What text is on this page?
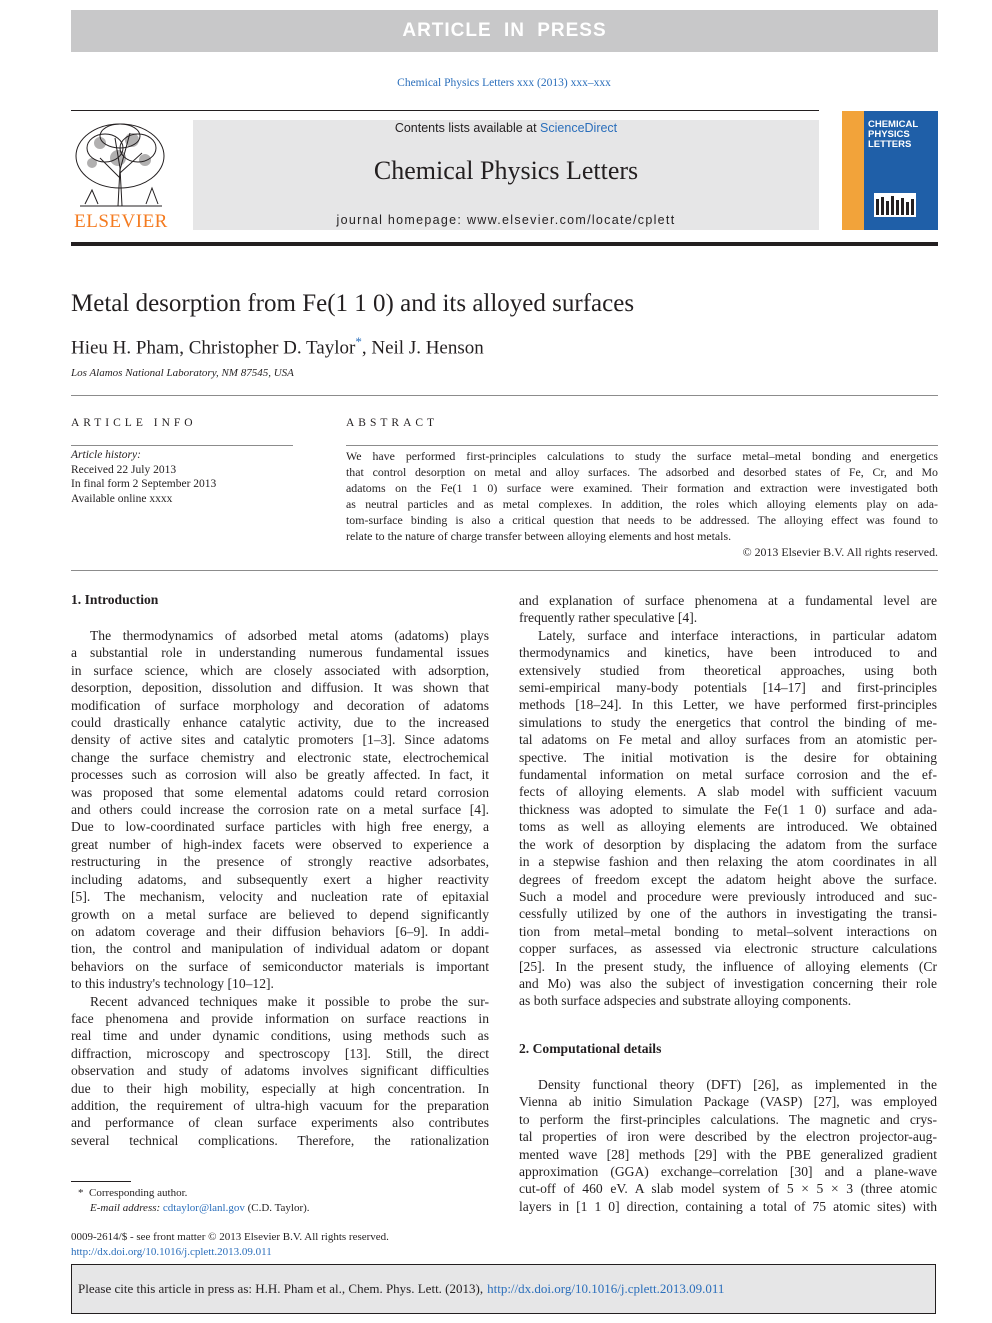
ARTICLE IN PRESS
Chemical Physics Letters xxx (2013) xxx–xxx
ELSEVIER
Contents lists available at ScienceDirect
Chemical Physics Letters
journal homepage: www.elsevier.com/locate/cplett
CHEMICAL
PHYSICS
LETTERS
Metal desorption from Fe(1 1 0) and its alloyed surfaces
Hieu H. Pham, Christopher D. Taylor*, Neil J. Henson
Los Alamos National Laboratory, NM 87545, USA
ARTICLE INFO
Article history:
Received 22 July 2013
In final form 2 September 2013
Available online xxxx
ABSTRACT
We have performed first-principles calculations to study the surface metal–metal bonding and energetics
that control desorption on metal and alloy surfaces. The adsorbed and desorbed states of Fe, Cr, and Mo
adatoms on the Fe(1 1 0) surface were examined. Their formation and extraction were investigated both
as neutral particles and as metal complexes. In addition, the roles which alloying elements play on ada-
tom-surface binding is also a critical question that needs to be addressed. The alloying effect was found to
relate to the nature of charge transfer between alloying elements and host metals.
© 2013 Elsevier B.V. All rights reserved.
1. Introduction
The thermodynamics of adsorbed metal atoms (adatoms) plays
a substantial role in understanding numerous fundamental issues
in surface science, which are closely associated with adsorption,
desorption, deposition, dissolution and diffusion. It was shown that
modification of surface morphology and decoration of adatoms
could drastically enhance catalytic activity, due to the increased
density of active sites and catalytic promoters [1–3]. Since adatoms
change the surface chemistry and electronic state, electrochemical
processes such as corrosion will also be greatly affected. In fact, it
was proposed that some elemental adatoms could retard corrosion
and others could increase the corrosion rate on a metal surface [4].
Due to low-coordinated surface particles with high free energy, a
great number of high-index facets were observed to experience a
restructuring in the presence of strongly reactive adsorbates,
including adatoms, and subsequently exert a higher reactivity
[5]. The mechanism, velocity and nucleation rate of epitaxial
growth on a metal surface are believed to depend significantly
on adatom coverage and their diffusion behaviors [6–9]. In addi-
tion, the control and manipulation of individual adatom or dopant
behaviors on the surface of semiconductor materials is important
to this industry's technology [10–12].
Recent advanced techniques make it possible to probe the sur-
face phenomena and provide information on surface reactions in
real time and under dynamic conditions, using methods such as
diffraction, microscopy and spectroscopy [13]. Still, the direct
observation and study of adatoms involves significant difficulties
due to their high mobility, especially at high concentration. In
addition, the requirement of ultra-high vacuum for the preparation
and performance of clean surface experiments also contributes
several technical complications. Therefore, the rationalization
and explanation of surface phenomena at a fundamental level are
frequently rather speculative [4].
Lately, surface and interface interactions, in particular adatom
thermodynamics and kinetics, have been introduced to and
extensively studied from theoretical approaches, using both
semi-empirical many-body potentials [14–17] and first-principles
methods [18–24]. In this Letter, we have performed first-principles
simulations to study the energetics that control the binding of me-
tal adatoms on Fe metal and alloy surfaces from an atomistic per-
spective. The initial motivation is the desire for obtaining
fundamental information on metal surface corrosion and the ef-
fects of alloying elements. A slab model with sufficient vacuum
thickness was adopted to simulate the Fe(1 1 0) surface and ada-
toms as well as alloying elements are introduced. We obtained
the work of desorption by displacing the adatom from the surface
in a stepwise fashion and then relaxing the atom coordinates in all
degrees of freedom except the adatom height above the surface.
Such a model and procedure were previously introduced and suc-
cessfully utilized by one of the authors in investigating the transi-
tion from metal–metal bonding to metal–solvent interactions on
copper surfaces, as assessed via electronic structure calculations
[25]. In the present study, the influence of alloying elements (Cr
and Mo) was also the subject of investigation concerning their role
as both surface adspecies and substrate alloying components.
2. Computational details
Density functional theory (DFT) [26], as implemented in the
Vienna ab initio Simulation Package (VASP) [27], was employed
to perform the first-principles calculations. The magnetic and crys-
tal properties of iron were described by the electron projector-aug-
mented wave [28] methods [29] with the PBE generalized gradient
approximation (GGA) exchange–correlation [30] and a plane-wave
cut-off of 460 eV. A slab model system of 5 × 5 × 3 (three atomic
layers in [1 1 0] direction, containing a total of 75 atomic sites) with
* Corresponding author.
E-mail address: cdtaylor@lanl.gov (C.D. Taylor).
0009-2614/$ - see front matter © 2013 Elsevier B.V. All rights reserved.
http://dx.doi.org/10.1016/j.cplett.2013.09.011
Please cite this article in press as: H.H. Pham et al., Chem. Phys. Lett. (2013), http://dx.doi.org/10.1016/j.cplett.2013.09.011
